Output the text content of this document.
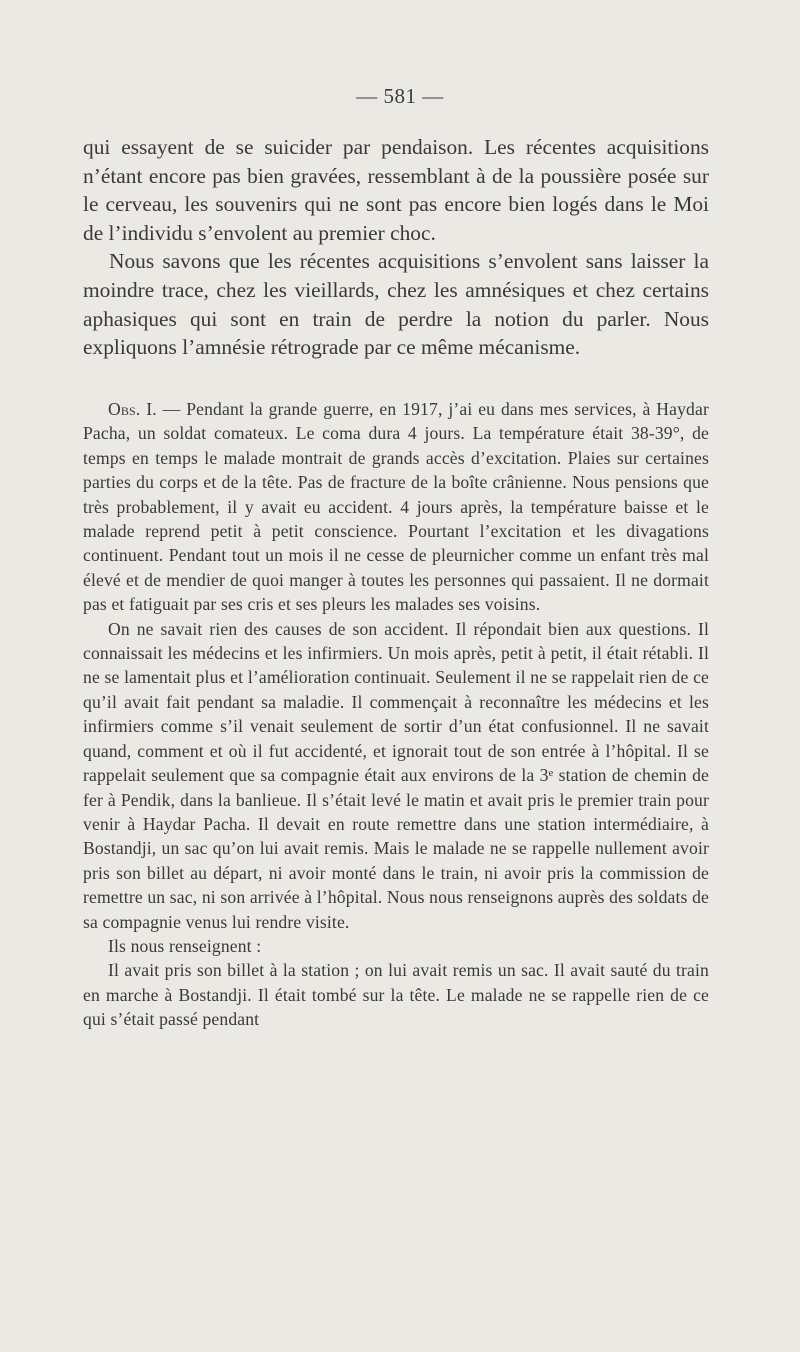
— 581 —

qui essayent de se suicider par pendaison. Les récentes acquisitions n’étant encore pas bien gravées, ressemblant à de la poussière posée sur le cerveau, les souvenirs qui ne sont pas encore bien logés dans le Moi de l’individu s’envolent au premier choc.

Nous savons que les récentes acquisitions s’envolent sans laisser la moindre trace, chez les vieillards, chez les amnésiques et chez certains aphasiques qui sont en train de perdre la notion du parler. Nous expliquons l’amnésie rétrograde par ce même mécanisme.

Obs. I. — Pendant la grande guerre, en 1917, j’ai eu dans mes services, à Haydar Pacha, un soldat comateux. Le coma dura 4 jours. La température était 38-39°, de temps en temps le malade montrait de grands accès d’excitation. Plaies sur certaines parties du corps et de la tête. Pas de fracture de la boîte crânienne. Nous pensions que très probablement, il y avait eu accident. 4 jours après, la température baisse et le malade reprend petit à petit conscience. Pourtant l’excitation et les divagations continuent. Pendant tout un mois il ne cesse de pleurnicher comme un enfant très mal élevé et de mendier de quoi manger à toutes les personnes qui passaient. Il ne dormait pas et fatiguait par ses cris et ses pleurs les malades ses voisins.

On ne savait rien des causes de son accident. Il répondait bien aux questions. Il connaissait les médecins et les infirmiers. Un mois après, petit à petit, il était rétabli. Il ne se lamentait plus et l’amélioration continuait. Seulement il ne se rappelait rien de ce qu’il avait fait pendant sa maladie. Il commençait à reconnaître les médecins et les infirmiers comme s’il venait seulement de sortir d’un état confusionnel. Il ne savait quand, comment et où il fut accidenté, et ignorait tout de son entrée à l’hôpital. Il se rappelait seulement que sa compagnie était aux environs de la 3ᵉ station de chemin de fer à Pendik, dans la banlieue. Il s’était levé le matin et avait pris le premier train pour venir à Haydar Pacha. Il devait en route remettre dans une station intermédiaire, à Bostandji, un sac qu’on lui avait remis. Mais le malade ne se rappelle nullement avoir pris son billet au départ, ni avoir monté dans le train, ni avoir pris la commission de remettre un sac, ni son arrivée à l’hôpital. Nous nous renseignons auprès des soldats de sa compagnie venus lui rendre visite.

Ils nous renseignent :

Il avait pris son billet à la station ; on lui avait remis un sac. Il avait sauté du train en marche à Bostandji. Il était tombé sur la tête. Le malade ne se rappelle rien de ce qui s’était passé pendant
